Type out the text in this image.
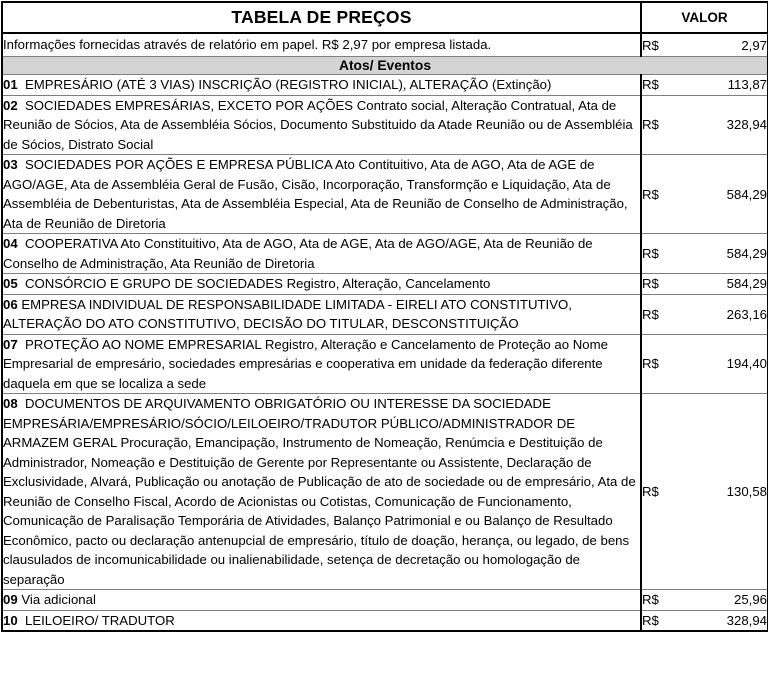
TABELA DE PREÇOS	VALOR	
Informações fornecidas através de relatório em papel. R$ 2,97 por empresa listada.	R$	2,97
Atos/ Eventos		
01 EMPRESÁRIO (ATÉ 3 VIAS) INSCRIÇÃO (REGISTRO INICIAL), ALTERAÇÃO (Extinção)	R$	113,87
02 SOCIEDADES EMPRESÁRIAS, EXCETO POR AÇÕES Contrato social, Alteração Contratual, Ata de Reunião de Sócios, Ata de Assembléia Sócios, Documento Substituido da Atade Reunião ou de Assembléia de Sócios, Distrato Social	R$	328,94
03 SOCIEDADES POR AÇÕES E EMPRESA PÚBLICA Ato Contituitivo, Ata de AGO, Ata de AGE de AGO/AGE, Ata de Assembléia Geral de Fusão, Cisão, Incorporação, Transformção e Liquidação, Ata de Assembléia de Debenturistas, Ata de Assembléia Especial, Ata de Reunião de Conselho de Administração, Ata de Reunião de Diretoria	R$	584,29
04 COOPERATIVA Ato Constituitivo, Ata de AGO, Ata de AGE, Ata de AGO/AGE, Ata de Reunião de Conselho de Administração, Ata Reunião de Diretoria	R$	584,29
05 CONSÓRCIO E GRUPO DE SOCIEDADES Registro, Alteração, Cancelamento	R$	584,29
06 EMPRESA INDIVIDUAL DE RESPONSABILIDADE LIMITADA - EIRELI ATO CONSTITUTIVO, ALTERAÇÃO DO ATO CONSTITUTIVO, DECISÃO DO TITULAR, DESCONSTITUIÇÃO	R$	263,16
07 PROTEÇÃO AO NOME EMPRESARIAL Registro, Alteração e Cancelamento de Proteção ao Nome Empresarial de empresário, sociedades empresárias e cooperativa em unidade da federação diferente daquela em que se localiza a sede	R$	194,40
08 DOCUMENTOS DE ARQUIVAMENTO OBRIGATÓRIO OU INTERESSE DA SOCIEDADE EMPRESÁRIA/EMPRESÁRIO/SÓCIO/LEILOEIRO/TRADUTOR PÚBLICO/ADMINISTRADOR DE ARMAZEM GERAL Procuração, Emancipação, Instrumento de Nomeação, Renúmcia e Destituição de Administrador, Nomeação e Destituição de Gerente por Representante ou Assistente, Declaração de Exclusividade, Alvará, Publicação ou anotação de Publicação de ato de sociedade ou de empresário, Ata de Reunião de Conselho Fiscal, Acordo de Acionistas ou Cotistas, Comunicação de Funcionamento, Comunicação de Paralisação Temporária de Atividades, Balanço Patrimonial e ou Balanço de Resultado Econômico, pacto ou declaração antenupcial de empresário, título de doação, herança, ou legado, de bens clausulados de incomunicabilidade ou inalienabilidade, setença de decretação ou homologação de separação	R$	130,58
09 Via adicional	R$	25,96
10 LEILOEIRO/ TRADUTOR	R$	328,94
